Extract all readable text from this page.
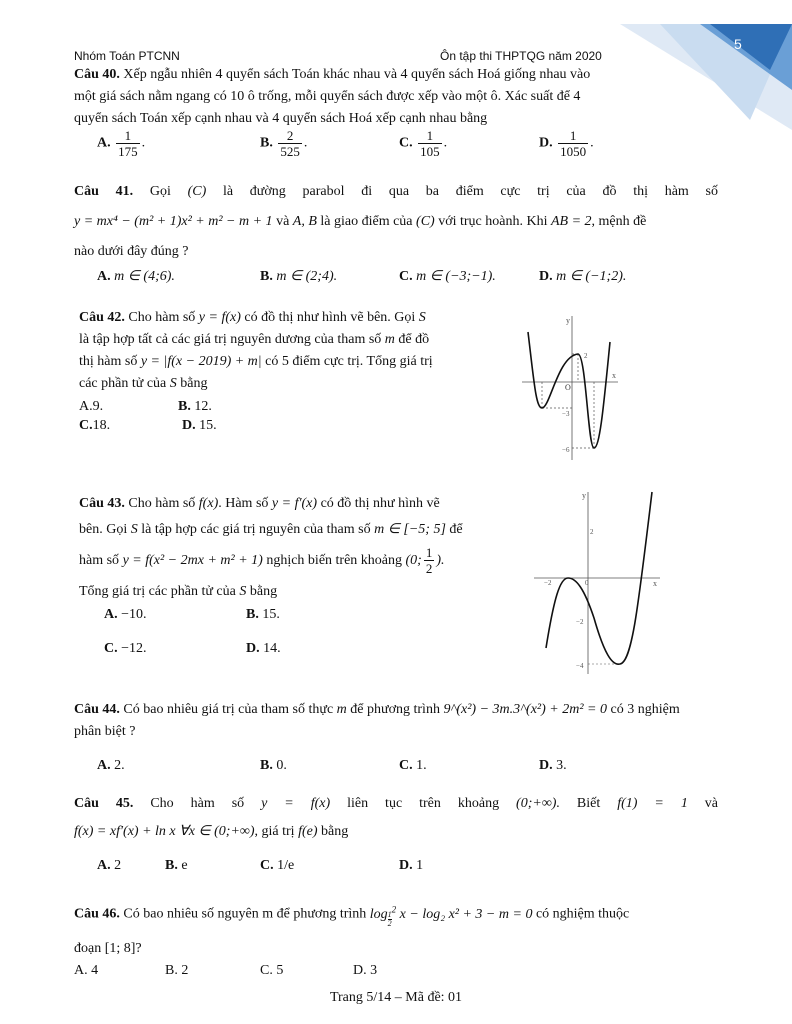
5
Nhóm Toán PTCNN	Ôn tập thi THPTQG năm 2020
Câu 40. Xếp ngẫu nhiên 4 quyển sách Toán khác nhau và 4 quyển sách Hoá giống nhau vào
một giá sách nằm ngang có 10 ô trống, mỗi quyển sách được xếp vào một ô. Xác suất để 4
quyển sách Toán xếp cạnh nhau và 4 quyển sách Hoá xếp cạnh nhau bằng
A. $\frac{1}{175}$ .	B. $\frac{2}{525}$ .	C. $\frac{1}{105}$ .	D. $\frac{1}{1050}$ .
Câu 41. Gọi (C) là đường parabol đi qua ba điểm cực trị của đồ thị hàm số
y = mx⁴ − (m² + 1)x² + m² − m + 1 và A, B là giao điểm của (C) với trục hoành. Khi AB = 2, mệnh đề
nào dưới đây đúng ?
A. m ∈ (4;6).	B. m ∈ (2;4).	C. m ∈ (−3;−1).	D. m ∈ (−1;2).
Câu 42. Cho hàm số y = f(x) có đồ thị như hình vẽ bên. Gọi S
là tập hợp tất cả các giá trị nguyên dương của tham số m để đồ
thị hàm số y = |f(x − 2019) + m| có 5 điểm cực trị. Tổng giá trị
các phần tử của S bằng
A.9.	B. 12.
C.18.	D. 15.
y
x
O
2
−3
−6
Câu 43. Cho hàm số f(x). Hàm số y = f′(x) có đồ thị như hình vẽ
bên. Gọi S là tập hợp các giá trị nguyên của tham số m ∈ [−5; 5] để
hàm số y = f(x² − 2mx + m² + 1) nghịch biến trên khoảng (0; $\frac{1}{2}$ ).
Tổng giá trị các phần tử của S bằng
A. −10.	B. 15.
C. −12.	D. 14.
y
x
2
−2	0
−2
−4
Câu 44. Có bao nhiêu giá trị của tham số thực m để phương trình 9^(x²) − 3m.3^(x²) + 2m² = 0 có 3 nghiệm
phân biệt ?
A. 2.	B. 0.	C. 1.	D. 3.
Câu 45. Cho hàm số y = f(x) liên tục trên khoảng (0;+∞). Biết f(1) = 1 và
f(x) = xf′(x) + ln x ∀x ∈ (0;+∞), giá trị f(e) bằng
A. 2	B. e	C. 1/e	D. 1
Câu 46. Có bao nhiêu số nguyên m để phương trình $\log \frac{1}{2}$
$^2$ x − log₂ x² + 3 − m = 0 có nghiệm thuộc
đoạn [1; 8]?
A. 4	B. 2	C. 5	D. 3
Trang 5/14 – Mã đề: 01
